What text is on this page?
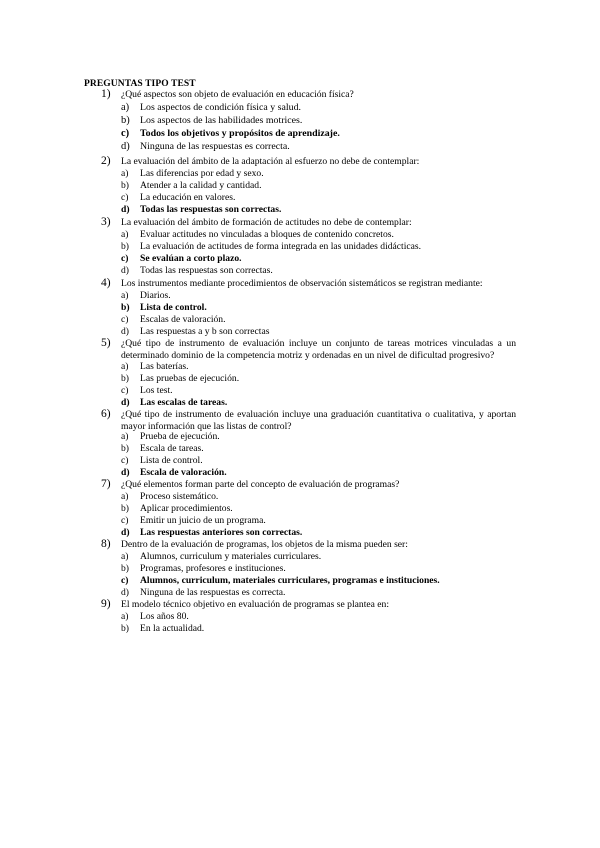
PREGUNTAS TIPO TEST
1)	¿Qué aspectos son objeto de evaluación en educación física?
a) Los aspectos de condición física y salud.
b) Los aspectos de las habilidades motrices.
c) Todos los objetivos y propósitos de aprendizaje.
d) Ninguna de las respuestas es correcta.
2)	La evaluación del ámbito de la adaptación al esfuerzo no debe de contemplar:
a) Las diferencias por edad y sexo.
b) Atender a la calidad y cantidad.
c) La educación en valores.
d) Todas las respuestas son correctas.
3)	La evaluación del ámbito de formación de actitudes no debe de contemplar:
a) Evaluar actitudes no vinculadas a bloques de contenido concretos.
b) La evaluación de actitudes de forma integrada en las unidades didácticas.
c) Se evalúan a corto plazo.
d) Todas las respuestas son correctas.
4)	Los instrumentos mediante procedimientos de observación sistemáticos se registran mediante:
a) Diarios.
b) Lista de control.
c) Escalas de valoración.
d) Las respuestas a y b son correctas
5)	¿Qué tipo de instrumento de evaluación incluye un conjunto de tareas motrices vinculadas a un determinado dominio de la competencia motriz y ordenadas en un nivel de dificultad progresivo?
a) Las baterías.
b) Las pruebas de ejecución.
c) Los test.
d) Las escalas de tareas.
6)	¿Qué tipo de instrumento de evaluación incluye una graduación cuantitativa o cualitativa, y aportan mayor información que las listas de control?
a) Prueba de ejecución.
b) Escala de tareas.
c) Lista de control.
d) Escala de valoración.
7)	¿Qué elementos forman parte del concepto de evaluación de programas?
a) Proceso sistemático.
b) Aplicar procedimientos.
c) Emitir un juicio de un programa.
d) Las respuestas anteriores son correctas.
8)	Dentro de la evaluación de programas, los objetos de la misma pueden ser:
a) Alumnos, curriculum y materiales curriculares.
b) Programas, profesores e instituciones.
c) Alumnos, curriculum, materiales curriculares, programas e instituciones.
d) Ninguna de las respuestas es correcta.
9)	El modelo técnico objetivo en evaluación de programas se plantea en:
a) Los años 80.
b) En la actualidad.
